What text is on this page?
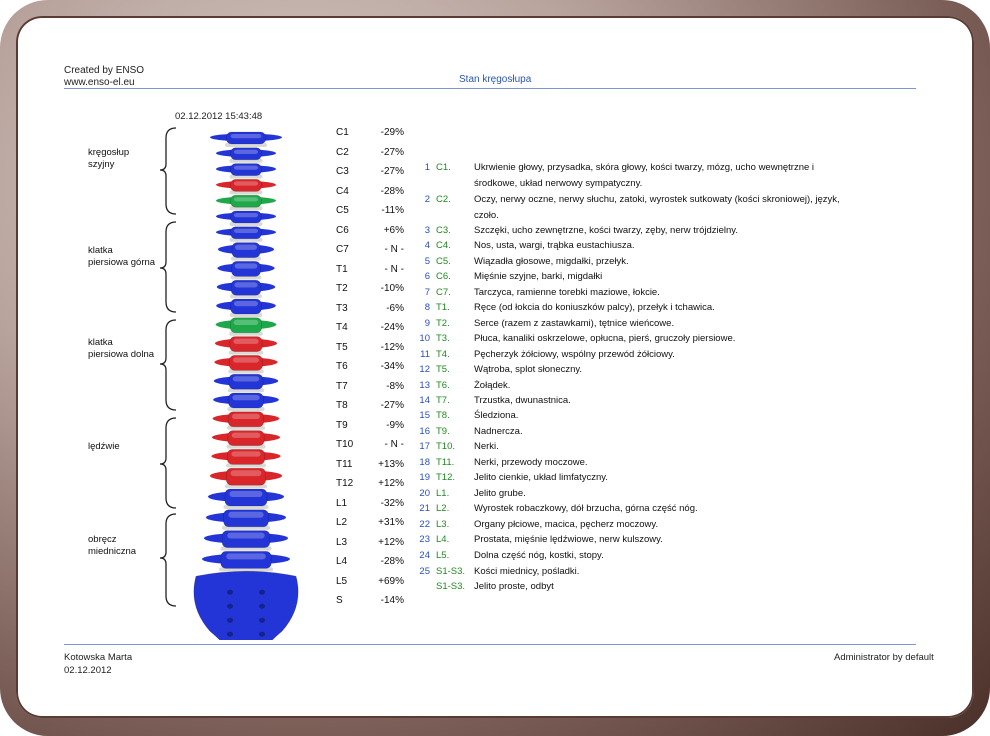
Created by ENSO
www.enso-el.eu	Stan kręgosłupa
02.12.2012 15:43:48
kręgosłup
szyjny
klatka
piersiowa górna
klatka
piersiowa dolna
lędźwie
obręcz
miedniczna
C1	-29%
C2	-27%
C3	-27%
C4	-28%
C5	-11%
C6	+6%
C7	- N -
T1	- N -
T2	-10%
T3	-6%
T4	-24%
T5	-12%
T6	-34%
T7	-8%
T8	-27%
T9	-9%
T10	- N -
T11	+13%
T12 +12%
L1	-32%
L2	+31%
L3	+12%
L4	-28%
L5	+69%
S	-14%
1 C1. Ukrwienie głowy, przysadka, skóra głowy, kości twarzy, mózg, ucho wewnętrzne i środkowe, układ nerwowy sympatyczny.
2 C2. Oczy, nerwy oczne, nerwy słuchu, zatoki, wyrostek sutkowaty (kości skroniowej), język, czoło.
3 C3. Szczęki, ucho zewnętrzne, kości twarzy, zęby, nerw trójdzielny.
4 C4. Nos, usta, wargi, trąbka eustachiusza.
5 C5. Wiązadła głosowe, migdałki, przełyk.
6 C6. Mięśnie szyjne, barki, migdałki
7 C7. Tarczyca, ramienne torebki maziowe, łokcie.
8 T1.	Ręce (od łokcia do koniuszków palcy), przełyk i tchawica.
9 T2.	Serce (razem z zastawkami), tętnice wieńcowe.
10 T3.	Płuca, kanaliki oskrzelowe, opłucna, pierś, gruczoły piersiowe.
11 T4.	Pęcherzyk żółciowy, wspólny przewód żółciowy.
12 T5.	Wątroba, splot słoneczny.
13 T6.	Żołądek.
14 T7.	Trzustka, dwunastnica.
15 T8.	Śledziona.
16 T9.	Nadnercza.
17 T10. Nerki.
18 T11. Nerki, przewody moczowe.
19 T12. Jelito cienkie, układ limfatyczny.
20 L1.	Jelito grube.
21 L2.	Wyrostek robaczkowy, dół brzucha, górna część nóg.
22 L3.	Organy płciowe, macica, pęcherz moczowy.
23 L4.	Prostata, mięśnie lędźwiowe, nerw kulszowy.
24 L5.	Dolna część nóg, kostki, stopy.
25 S1-S3. Kości miednicy, pośladki.
S1-S3. Jelito proste, odbyt
Kotowska Marta
02.12.2012
Administrator by default
